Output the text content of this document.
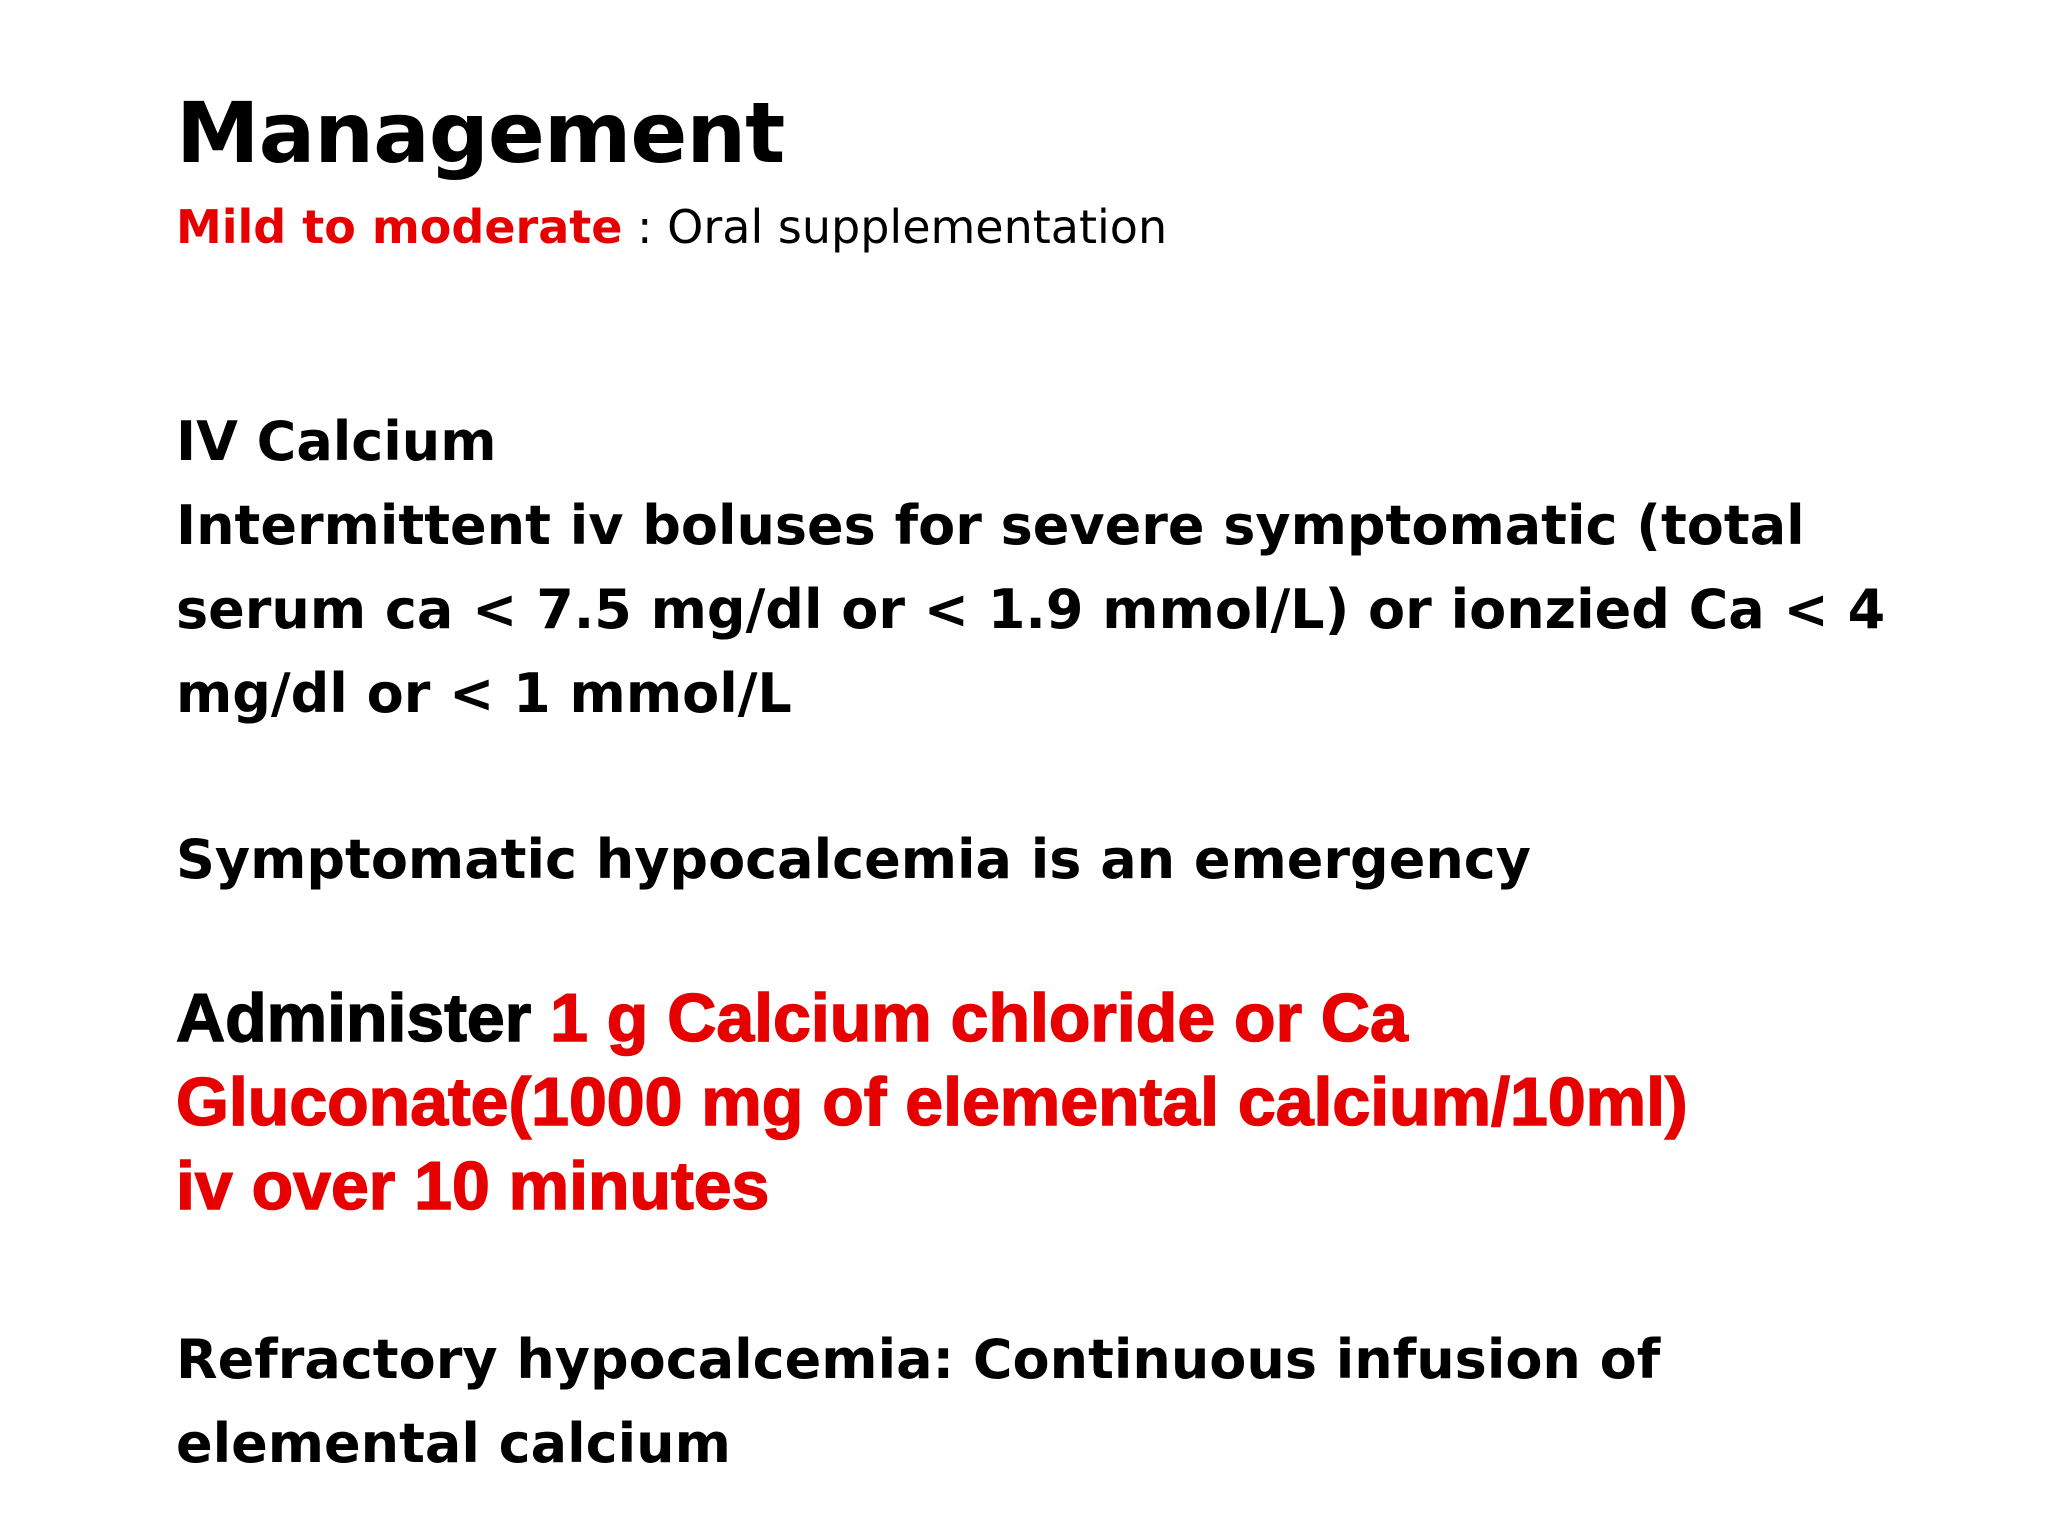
Management

Mild to moderate : Oral supplementation

IV Calcium

Intermittent iv boluses for severe symptomatic (total serum ca < 7.5 mg/dl or < 1.9 mmol/L) or ionzied Ca < 4 mg/dl or < 1 mmol/L

Symptomatic hypocalcemia is an emergency

Administer 1 g Calcium chloride or Ca Gluconate(1000 mg of elemental calcium/10ml) iv over 10 minutes

Refractory hypocalcemia: Continuous infusion of elemental calcium
